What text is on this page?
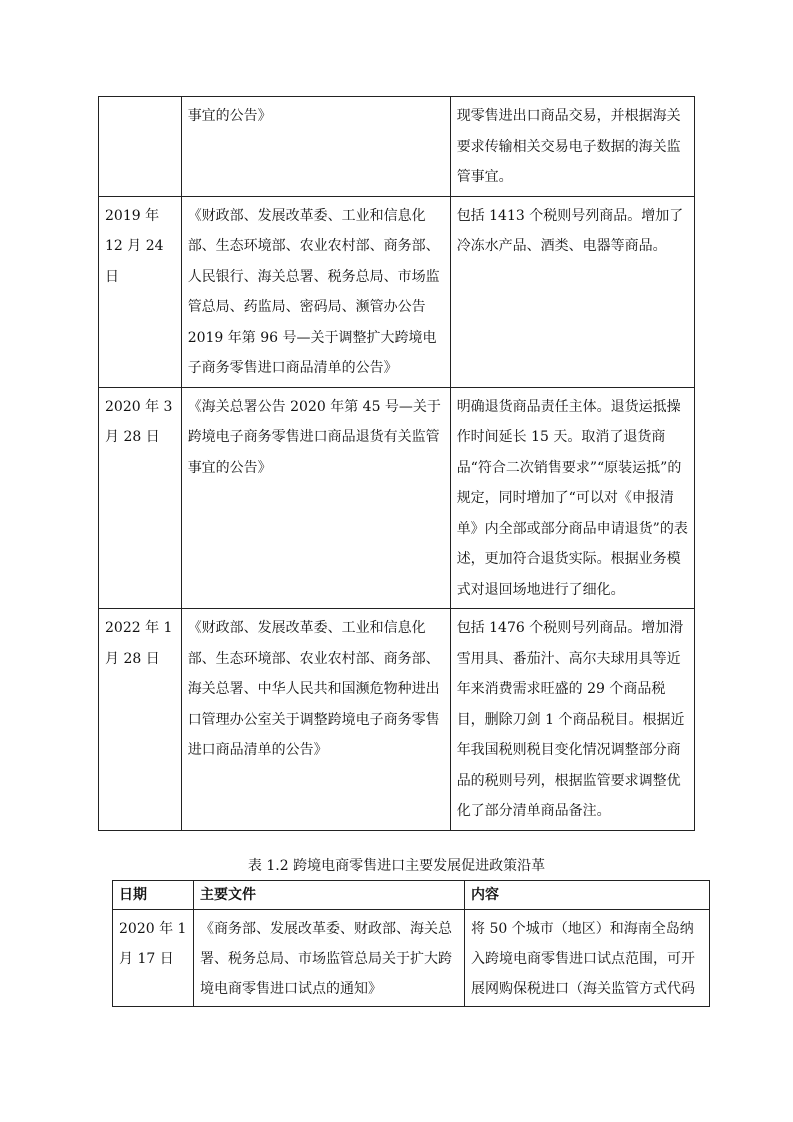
	事宜的公告》	现零售进出口商品交易，并根据海关要求传输相关交易电子数据的海关监管事宜。
2019 年 12 月 24 日	《财政部、发展改革委、工业和信息化部、生态环境部、农业农村部、商务部、人民银行、海关总署、税务总局、市场监管总局、药监局、密码局、濒管办公告 2019 年第 96 号—关于调整扩大跨境电子商务零售进口商品清单的公告》	包括 1413 个税则号列商品。增加了冷冻水产品、酒类、电器等商品。
2020 年 3 月 28 日	《海关总署公告 2020 年第 45 号—关于跨境电子商务零售进口商品退货有关监管事宜的公告》	明确退货商品责任主体。退货运抵操作时间延长 15 天。取消了退货商品“符合二次销售要求”“原装运抵”的规定，同时增加了“可以对《申报清单》内全部或部分商品申请退货”的表述，更加符合退货实际。根据业务模式对退回场地进行了细化。
2022 年 1 月 28 日	《财政部、发展改革委、工业和信息化部、生态环境部、农业农村部、商务部、海关总署、中华人民共和国濒危物种进出口管理办公室关于调整跨境电子商务零售进口商品清单的公告》	包括 1476 个税则号列商品。增加滑雪用具、番茄汁、高尔夫球用具等近年来消费需求旺盛的 29 个商品税目，删除刀剑 1 个商品税目。根据近年我国税则税目变化情况调整部分商品的税则号列，根据监管要求调整优化了部分清单商品备注。
表 1.2 跨境电商零售进口主要发展促进政策沿革
日期	主要文件	内容
2020 年 1 月 17 日	《商务部、发展改革委、财政部、海关总署、税务总局、市场监管总局关于扩大跨境电商零售进口试点的通知》	将 50 个城市（地区）和海南全岛纳入跨境电商零售进口试点范围，可开展网购保税进口（海关监管方式代码
